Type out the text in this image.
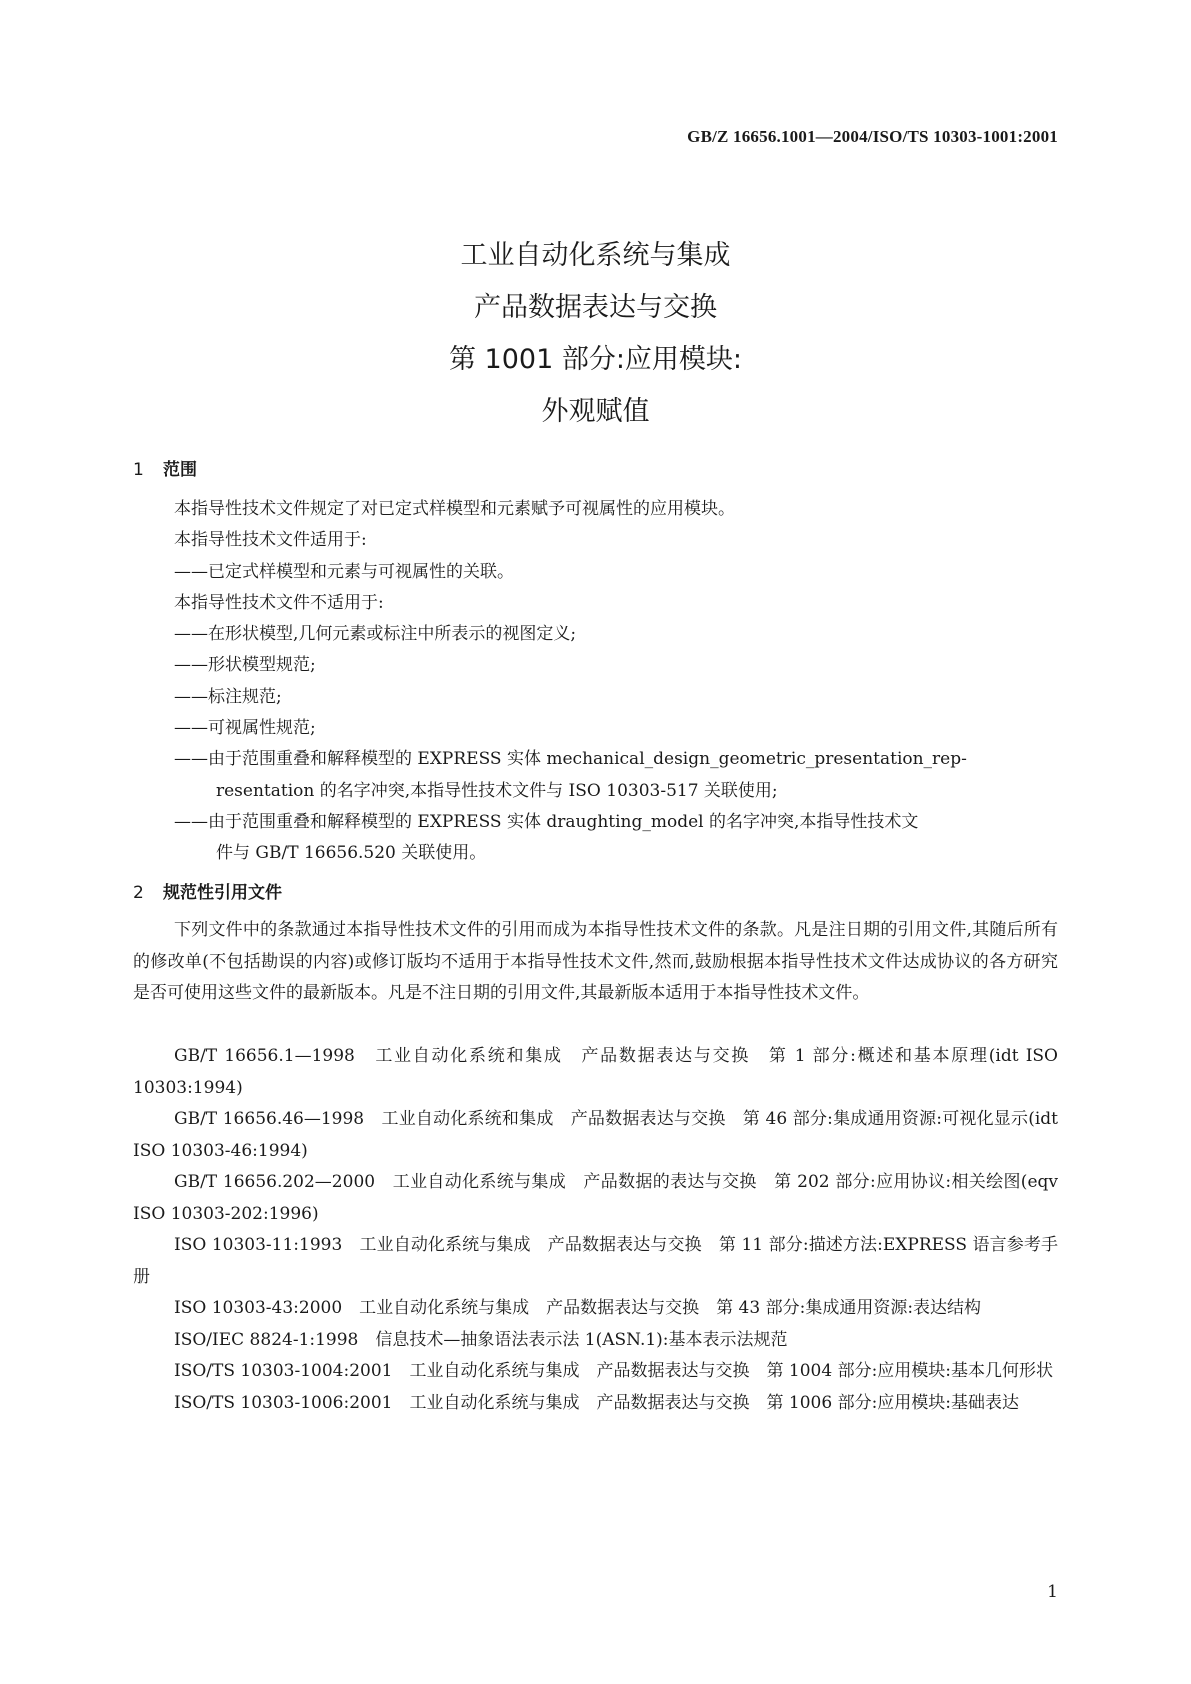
GB/Z 16656.1001—2004/ISO/TS 10303-1001:2001
工业自动化系统与集成
产品数据表达与交换
第 1001 部分:应用模块:
外观赋值
1 范围
本指导性技术文件规定了对已定式样模型和元素赋予可视属性的应用模块。
本指导性技术文件适用于:
——已定式样模型和元素与可视属性的关联。
本指导性技术文件不适用于:
——在形状模型,几何元素或标注中所表示的视图定义;
——形状模型规范;
——标注规范;
——可视属性规范;
——由于范围重叠和解释模型的 EXPRESS 实体 mechanical_design_geometric_presentation_rep-
resentation 的名字冲突,本指导性技术文件与 ISO 10303-517 关联使用;
——由于范围重叠和解释模型的 EXPRESS 实体 draughting_model 的名字冲突,本指导性技术文
件与 GB/T 16656.520 关联使用。
2 规范性引用文件
下列文件中的条款通过本指导性技术文件的引用而成为本指导性技术文件的条款。凡是注日期的引用文件,其随后所有的修改单(不包括勘误的内容)或修订版均不适用于本指导性技术文件,然而,鼓励根据本指导性技术文件达成协议的各方研究是否可使用这些文件的最新版本。凡是不注日期的引用文件,其最新版本适用于本指导性技术文件。
GB/T 16656.1—1998　工业自动化系统和集成　产品数据表达与交换　第 1 部分:概述和基本原理(idt ISO 10303:1994)
GB/T 16656.46—1998　工业自动化系统和集成　产品数据表达与交换　第 46 部分:集成通用资源:可视化显示(idt ISO 10303-46:1994)
GB/T 16656.202—2000　工业自动化系统与集成　产品数据的表达与交换　第 202 部分:应用协议:相关绘图(eqv ISO 10303-202:1996)
ISO 10303-11:1993　工业自动化系统与集成　产品数据表达与交换　第 11 部分:描述方法:EXPRESS 语言参考手册
ISO 10303-43:2000　工业自动化系统与集成　产品数据表达与交换　第 43 部分:集成通用资源:表达结构
ISO/IEC 8824-1:1998　信息技术—抽象语法表示法 1(ASN.1):基本表示法规范
ISO/TS 10303-1004:2001　工业自动化系统与集成　产品数据表达与交换　第 1004 部分:应用模块:基本几何形状
ISO/TS 10303-1006:2001　工业自动化系统与集成　产品数据表达与交换　第 1006 部分:应用模块:基础表达
1
